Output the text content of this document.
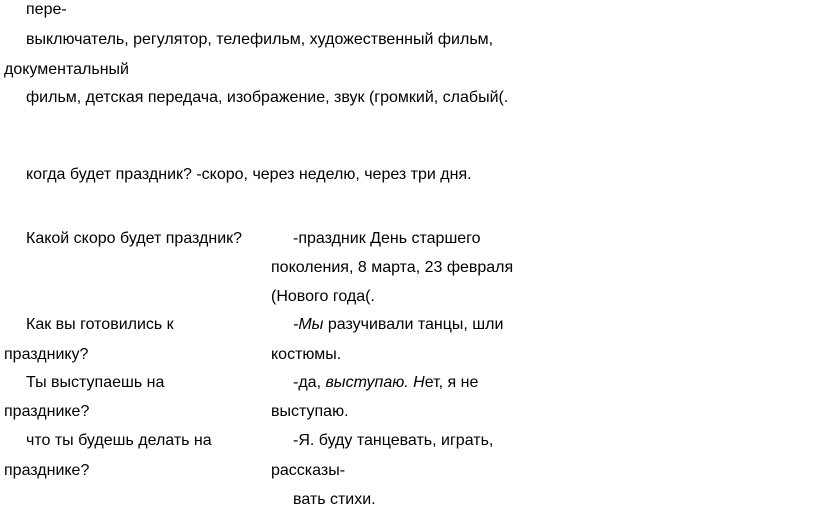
пере-
выключатель, регулятор, телефильм, художественный фильм,
документальный
фильм, детская передача, изображение, звук (громкий, слабый(.
когда будет праздник? -скоро, через неделю, через три дня.
Какой скоро будет праздник?
Как вы готовились к
празднику?
Ты выступаешь на
празднике?
что ты будешь делать на
празднике?
-праздник День старшего
поколения, 8 марта, 23 февраля
(Нового года(.
-Мы разучивали танцы, шли
костюмы.
-да, выступаю. Нет, я не
выступаю.
-Я. буду танцевать, играть,
рассказы-
вать стихи.
